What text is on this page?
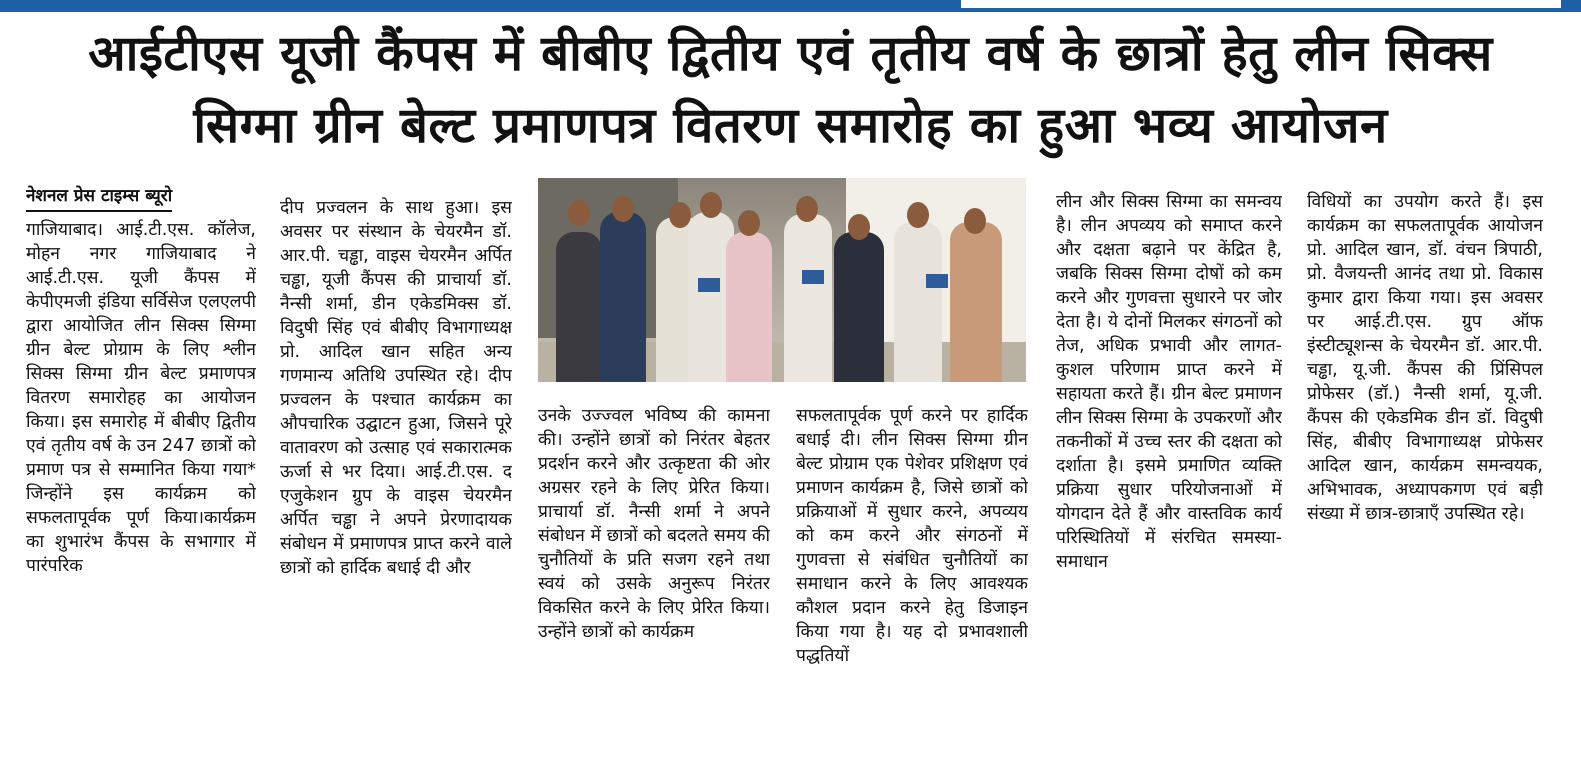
आईटीएस यूजी कैंपस में बीबीए द्वितीय एवं तृतीय वर्ष के छात्रों हेतु लीन सिक्स
सिग्मा ग्रीन बेल्ट प्रमाणपत्र वितरण समारोह का हुआ भव्य आयोजन
नेशनल प्रेस टाइम्स ब्यूरो

गाजियाबाद। आई.टी.एस. कॉलेज, मोहन नगर गाजियाबाद ने आई.टी.एस. यूजी कैंपस में केपीएमजी इंडिया सर्विसेज एलएलपी द्वारा आयोजित लीन सिक्स सिग्मा ग्रीन बेल्ट प्रोग्राम के लिए श्लीन सिक्स सिग्मा ग्रीन बेल्ट प्रमाणपत्र वितरण समारोहह का आयोजन किया। इस समारोह में बीबीए द्वितीय एवं तृतीय वर्ष के उन 247 छात्रों को प्रमाण पत्र से सम्मानित किया गया* जिन्होंने इस कार्यक्रम को सफलतापूर्वक पूर्ण किया।कार्यक्रम का शुभारंभ कैंपस के सभागार में पारंपरिक

दीप प्रज्वलन के साथ हुआ। इस अवसर पर संस्थान के चेयरमैन डॉ. आर.पी. चड्ढा, वाइस चेयरमैन अर्पित चड्ढा, यूजी कैंपस की प्राचार्या डॉ. नैन्सी शर्मा, डीन एकेडमिक्स डॉ. विदुषी सिंह एवं बीबीए विभागाध्यक्ष प्रो. आदिल खान सहित अन्य गणमान्य अतिथि उपस्थित रहे। दीप प्रज्वलन के पश्चात कार्यक्रम का औपचारिक उद्घाटन हुआ, जिसने पूरे वातावरण को उत्साह एवं सकारात्मक ऊर्जा से भर दिया। आई.टी.एस. द एजुकेशन ग्रुप के वाइस चेयरमैन अर्पित चड्ढा ने अपने प्रेरणादायक संबोधन में प्रमाणपत्र प्राप्त करने वाले छात्रों को हार्दिक बधाई दी और

उनके उज्ज्वल भविष्य की कामना की। उन्होंने छात्रों को निरंतर बेहतर प्रदर्शन करने और उत्कृष्टता की ओर अग्रसर रहने के लिए प्रेरित किया। प्राचार्या डॉ. नैन्सी शर्मा ने अपने संबोधन में छात्रों को बदलते समय की चुनौतियों के प्रति सजग रहने तथा स्वयं को उसके अनुरूप निरंतर विकसित करने के लिए प्रेरित किया। उन्होंने छात्रों को कार्यक्रम

सफलतापूर्वक पूर्ण करने पर हार्दिक बधाई दी। लीन सिक्स सिग्मा ग्रीन बेल्ट प्रोग्राम एक पेशेवर प्रशिक्षण एवं प्रमाणन कार्यक्रम है, जिसे छात्रों को प्रक्रियाओं में सुधार करने, अपव्यय को कम करने और संगठनों में गुणवत्ता से संबंधित चुनौतियों का समाधान करने के लिए आवश्यक कौशल प्रदान करने हेतु डिजाइन किया गया है। यह दो प्रभावशाली पद्धतियों

लीन और सिक्स सिग्मा का समन्वय है। लीन अपव्यय को समाप्त करने और दक्षता बढ़ाने पर केंद्रित है, जबकि सिक्स सिग्मा दोषों को कम करने और गुणवत्ता सुधारने पर जोर देता है। ये दोनों मिलकर संगठनों को तेज, अधिक प्रभावी और लागत-कुशल परिणाम प्राप्त करने में सहायता करते हैं। ग्रीन बेल्ट प्रमाणन लीन सिक्स सिग्मा के उपकरणों और तकनीकों में उच्च स्तर की दक्षता को दर्शाता है। इसमे प्रमाणित व्यक्ति प्रक्रिया सुधार परियोजनाओं में योगदान देते हैं और वास्तविक कार्य परिस्थितियों में संरचित समस्या-समाधान

विधियों का उपयोग करते हैं। इस कार्यक्रम का सफलतापूर्वक आयोजन प्रो. आदिल खान, डॉ. वंचन त्रिपाठी, प्रो. वैजयन्ती आनंद तथा प्रो. विकास कुमार द्वारा किया गया। इस अवसर पर आई.टी.एस. ग्रुप ऑफ इंस्टीट्यूशन्स के चेयरमैन डॉ. आर.पी. चड्ढा, यू.जी. कैंपस की प्रिंसिपल प्रोफेसर (डॉ.) नैन्सी शर्मा, यू.जी. कैंपस की एकेडमिक डीन डॉ. विदुषी सिंह, बीबीए विभागाध्यक्ष प्रोफेसर आदिल खान, कार्यक्रम समन्वयक, अभिभावक, अध्यापकगण एवं बड़ी संख्या में छात्र-छात्राएँ उपस्थित रहे।
